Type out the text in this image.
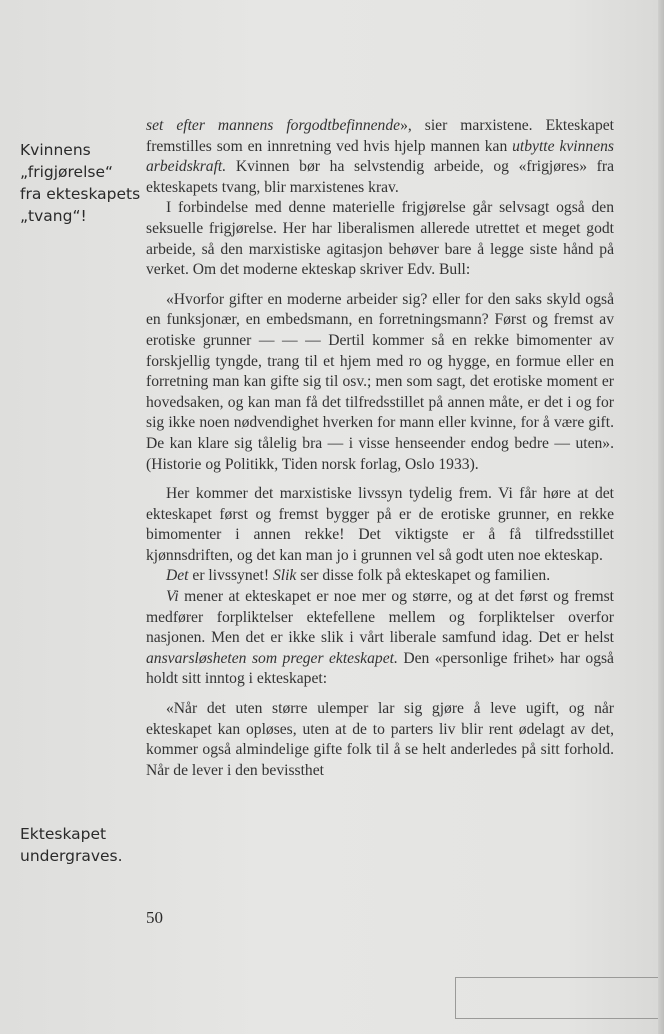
Kvinnens
„frigjørelse“
fra ekteskapets
„tvang“!
Ekteskapet
undergraves.

set efter mannens forgodtbefinnende», sier marxistene. Ekteskapet fremstilles som en innretning ved hvis hjelp mannen kan utbytte kvinnens arbeidskraft. Kvinnen bør ha selvstendig arbeide, og «frigjøres» fra ekteskapets tvang, blir marxistenes krav.

I forbindelse med denne materielle frigjørelse går selvsagt også den seksuelle frigjørelse. Her har liberalismen allerede utrettet et meget godt arbeide, så den marxistiske agitasjon behøver bare å legge siste hånd på verket. Om det moderne ekteskap skriver Edv. Bull:

«Hvorfor gifter en moderne arbeider sig? eller for den saks skyld også en funksjonær, en embedsmann, en forretningsmann? Først og fremst av erotiske grunner — — — Dertil kommer så en rekke bimomenter av forskjellig tyngde, trang til et hjem med ro og hygge, en formue eller en forretning man kan gifte sig til osv.; men som sagt, det erotiske moment er hovedsaken, og kan man få det tilfredsstillet på annen måte, er det i og for sig ikke noen nødvendighet hverken for mann eller kvinne, for å være gift. De kan klare sig tålelig bra — i visse henseender endog bedre — uten». (Historie og Politikk, Tiden norsk forlag, Oslo 1933).

Her kommer det marxistiske livssyn tydelig frem. Vi får høre at det ekteskapet først og fremst bygger på er de erotiske grunner, en rekke bimomenter i annen rekke! Det viktigste er å få tilfredsstillet kjønnsdriften, og det kan man jo i grunnen vel så godt uten noe ekteskap.

Det er livssynet! Slik ser disse folk på ekteskapet og familien.

Vi mener at ekteskapet er noe mer og større, og at det først og fremst medfører forpliktelser ektefellene mellem og forpliktelser overfor nasjonen. Men det er ikke slik i vårt liberale samfund idag. Det er helst ansvarsløsheten som preger ekteskapet. Den «personlige frihet» har også holdt sitt inntog i ekteskapet:

«Når det uten større ulemper lar sig gjøre å leve ugift, og når ekteskapet kan opløses, uten at de to parters liv blir rent ødelagt av det, kommer også almindelige gifte folk til å se helt anderledes på sitt forhold. Når de lever i den bevissthet

50
